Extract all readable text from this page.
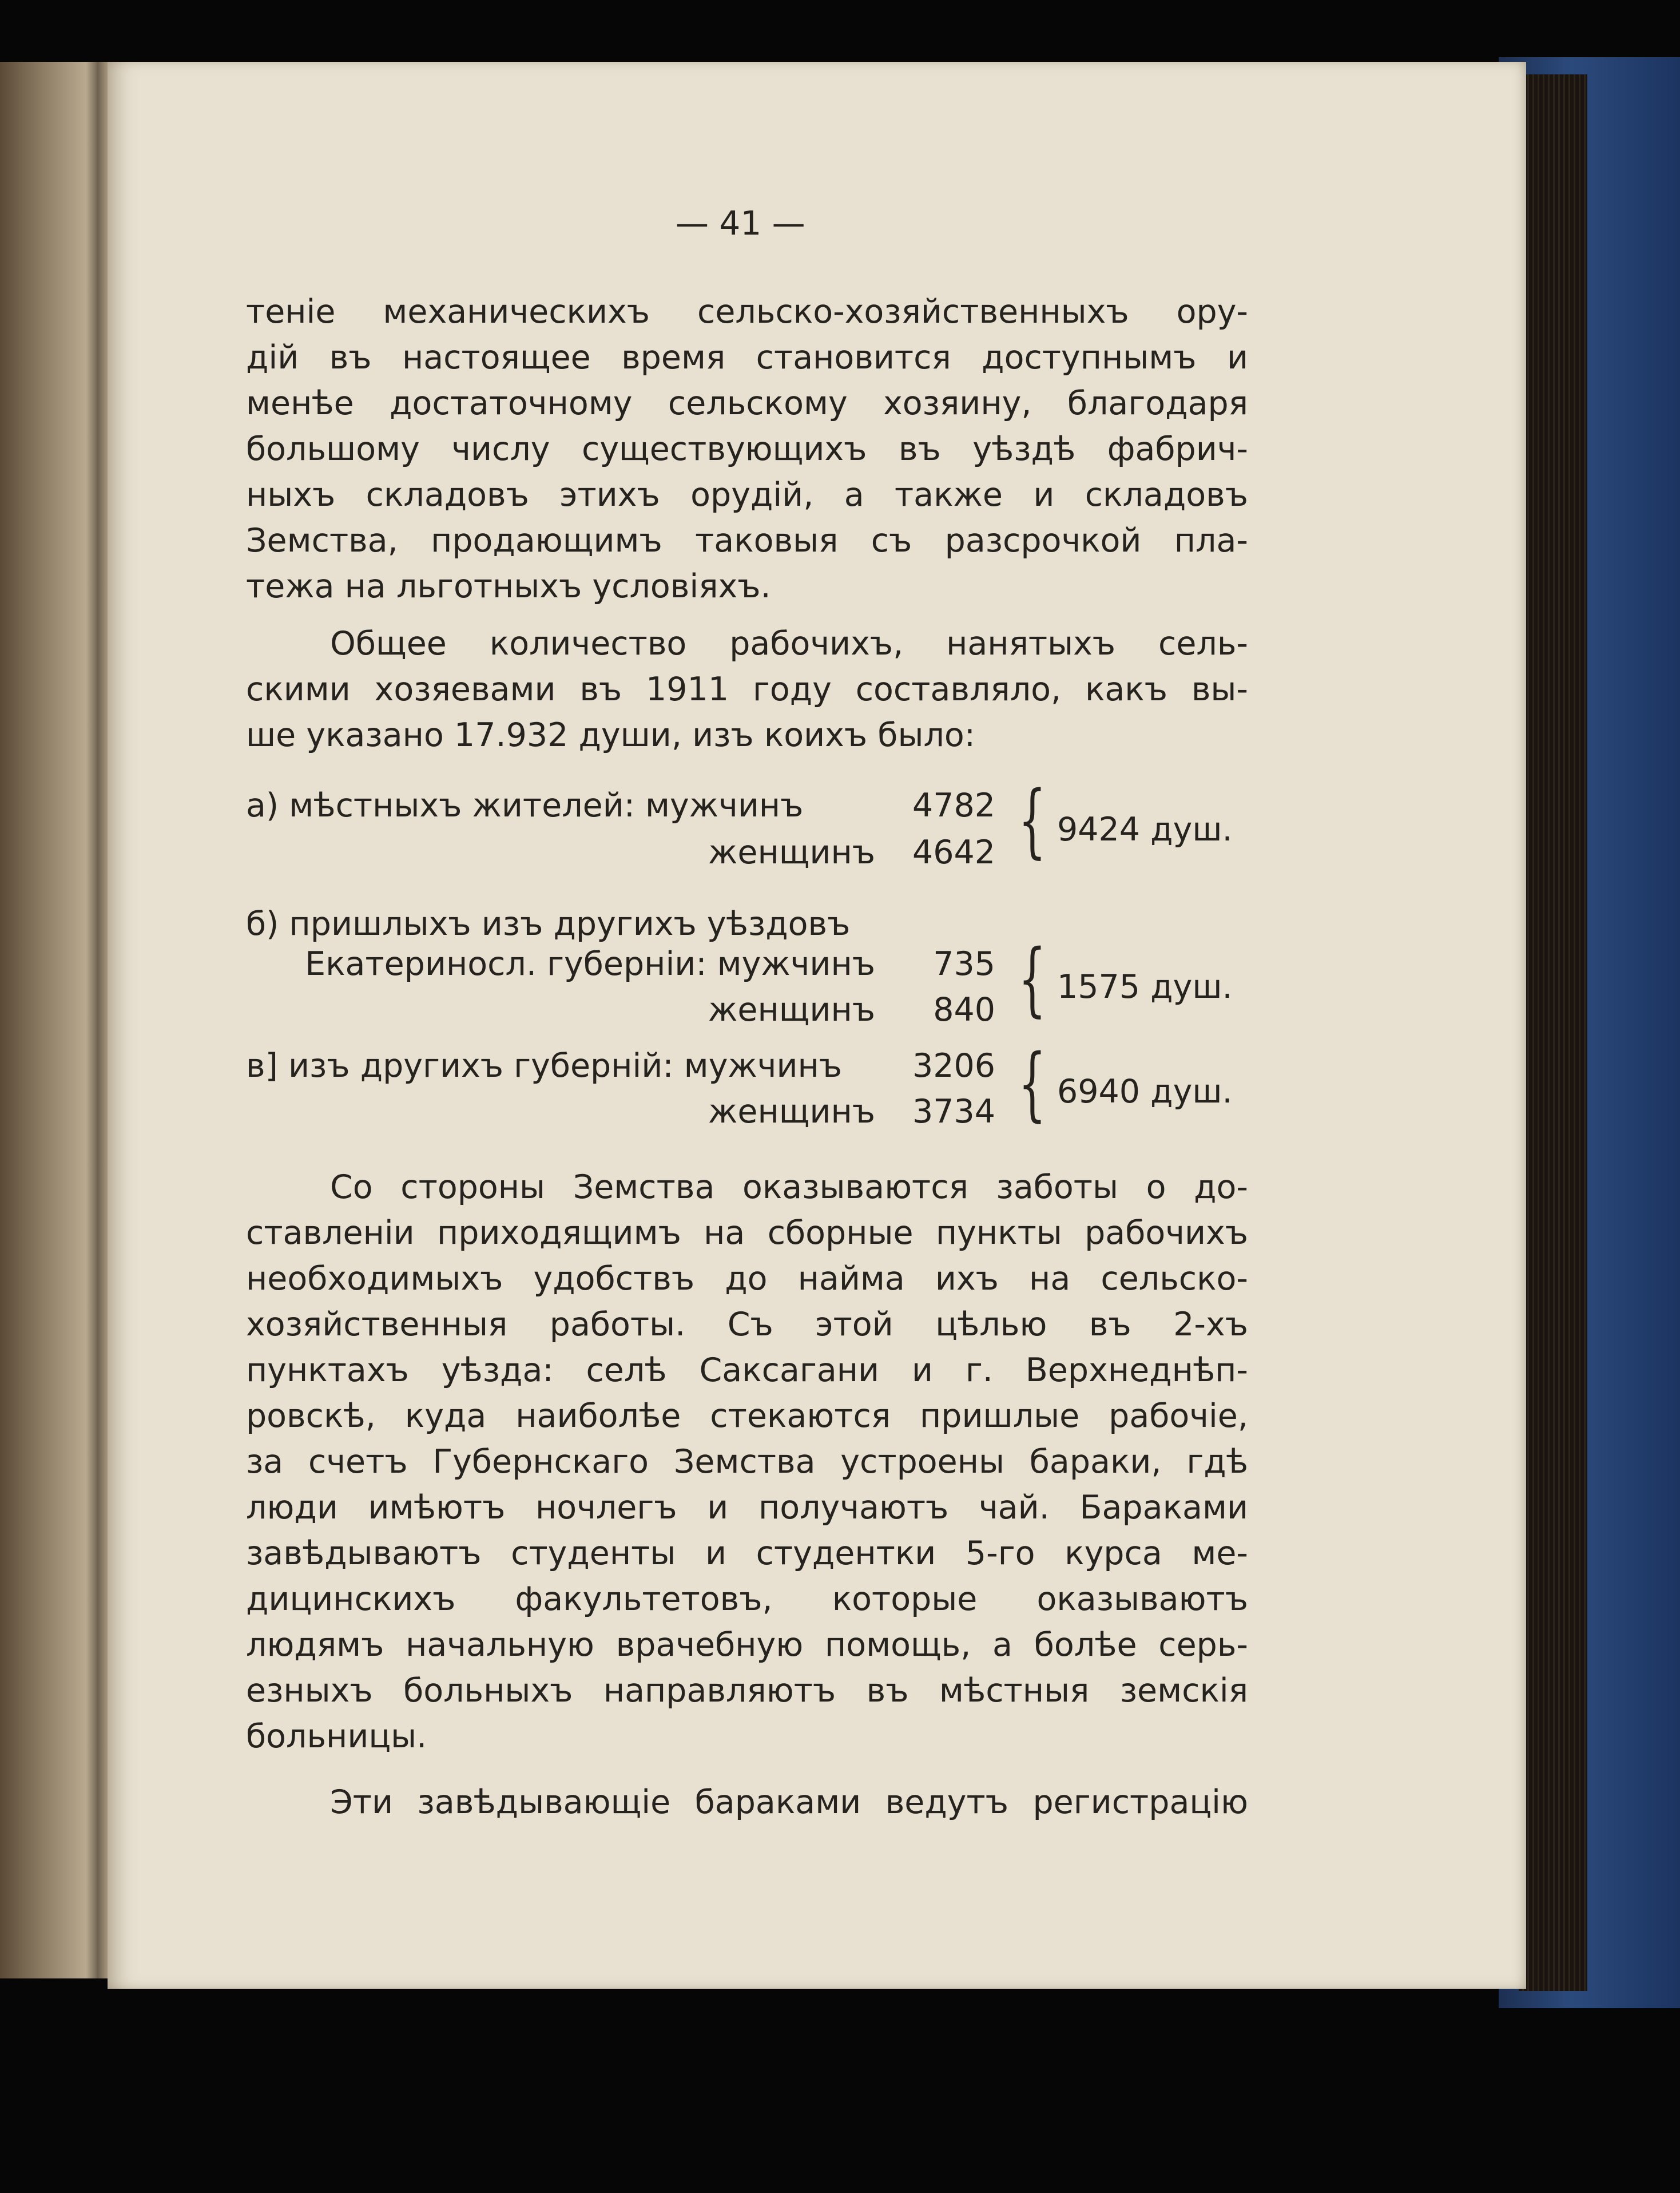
— 41 —
теніе механическихъ сельско-хозяйственныхъ ору-
дій въ настоящее время становится доступнымъ и
менѣе достаточному сельскому хозяину, благодаря
большому числу существующихъ въ уѣздѣ фабрич-
ныхъ складовъ этихъ орудій, а также и складовъ
Земства, продающимъ таковыя съ разсрочкой пла-
тежа на льготныхъ условіяхъ.
Общее количество рабочихъ, нанятыхъ сель-
скими хозяевами въ 1911 году составляло, какъ вы-
ше указано 17.932 души, изъ коихъ было:
а) мѣстныхъ жителей: мужчинъ	4782
женщинъ	4642 { 9424 душ.
б) пришлыхъ изъ другихъ уѣздовъ
Екатериносл. губерніи: мужчинъ	735
женщинъ	840 { 1575 душ.
в] изъ другихъ губерній: мужчинъ	3206
женщинъ	3734 { 6940 душ.
Со стороны Земства оказываются заботы о до-
ставленіи приходящимъ на сборные пункты рабочихъ
необходимыхъ удобствъ до найма ихъ на сельско-
хозяйственныя работы. Съ этой цѣлью въ 2-хъ
пунктахъ уѣзда: селѣ Саксагани и г. Верхнеднѣп-
ровскѣ, куда наиболѣе стекаются пришлые рабочіе,
за счетъ Губернскаго Земства устроены бараки, гдѣ
люди имѣютъ ночлегъ и получаютъ чай. Бараками
завѣдываютъ студенты и студентки 5-го курса ме-
дицинскихъ факультетовъ, которые оказываютъ
людямъ начальную врачебную помощь, а болѣе серь-
езныхъ больныхъ направляютъ въ мѣстныя земскія
больницы.
Эти завѣдывающіе бараками ведутъ регистрацію
